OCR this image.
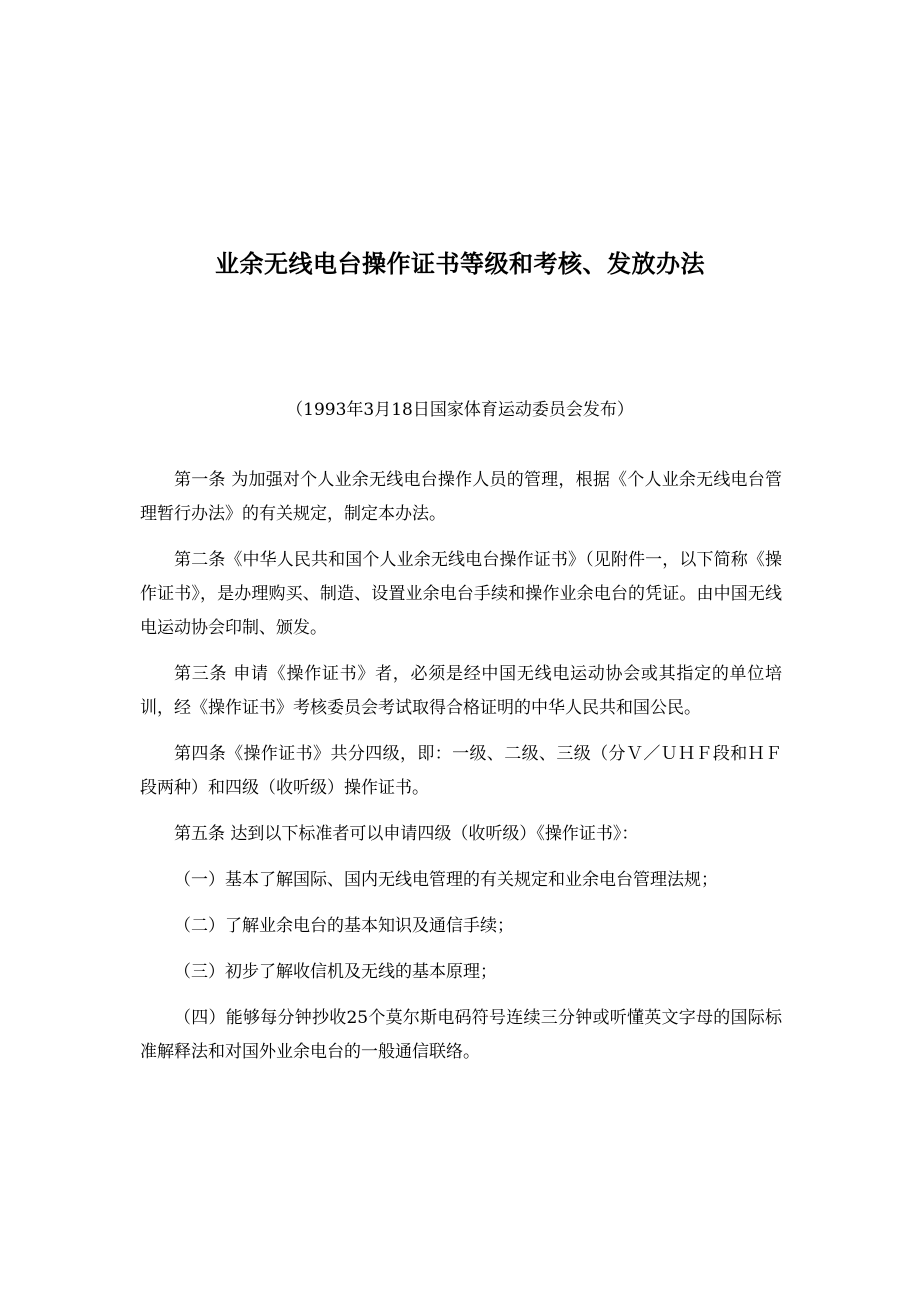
业余无线电台操作证书等级和考核、发放办法
（1993年3月18日国家体育运动委员会发布）

第一条 为加强对个人业余无线电台操作人员的管理，根据《个人业余无线电台管理暂行办法》的有关规定，制定本办法。

第二条《中华人民共和国个人业余无线电台操作证书》（见附件一，以下简称《操作证书》，是办理购买、制造、设置业余电台手续和操作业余电台的凭证。由中国无线电运动协会印制、颁发。

第三条 申请《操作证书》者，必须是经中国无线电运动协会或其指定的单位培训，经《操作证书》考核委员会考试取得合格证明的中华人民共和国公民。

第四条《操作证书》共分四级，即：一级、二级、三级（分Ｖ／ＵＨＦ段和ＨＦ段两种）和四级（收听级）操作证书。

第五条 达到以下标准者可以申请四级（收听级）《操作证书》：

（一）基本了解国际、国内无线电管理的有关规定和业余电台管理法规；

（二）了解业余电台的基本知识及通信手续；

（三）初步了解收信机及无线的基本原理；

（四）能够每分钟抄收25个莫尔斯电码符号连续三分钟或听懂英文字母的国际标准解释法和对国外业余电台的一般通信联络。
